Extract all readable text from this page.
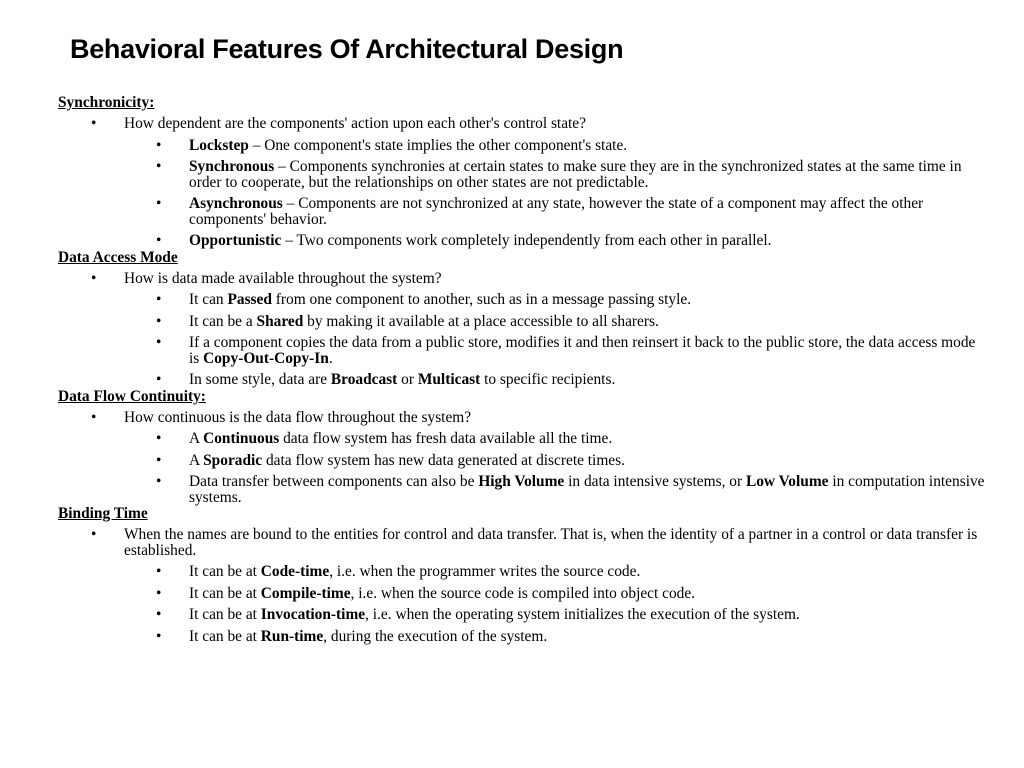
Behavioral Features Of Architectural Design

Synchronicity:

• How dependent are the components' action upon each other's control state?

• Lockstep – One component's state implies the other component's state.

• Synchronous – Components synchronies at certain states to make sure they are in the synchronized states at the same time in order to cooperate, but the relationships on other states are not predictable.

• Asynchronous – Components are not synchronized at any state, however the state of a component may affect the other components' behavior.

• Opportunistic – Two components work completely independently from each other in parallel.

Data Access Mode

• How is data made available throughout the system?

• It can Passed from one component to another, such as in a message passing style.

• It can be a Shared by making it available at a place accessible to all sharers.

• If a component copies the data from a public store, modifies it and then reinsert it back to the public store, the data access mode is Copy-Out-Copy-In.

• In some style, data are Broadcast or Multicast to specific recipients.

Data Flow Continuity:

• How continuous is the data flow throughout the system?

• A Continuous data flow system has fresh data available all the time.

• A Sporadic data flow system has new data generated at discrete times.

• Data transfer between components can also be High Volume in data intensive systems, or Low Volume in computation intensive systems.

Binding Time

• When the names are bound to the entities for control and data transfer. That is, when the identity of a partner in a control or data transfer is established.

• It can be at Code-time, i.e. when the programmer writes the source code.

• It can be at Compile-time, i.e. when the source code is compiled into object code.

• It can be at Invocation-time, i.e. when the operating system initializes the execution of the system.

• It can be at Run-time, during the execution of the system.
